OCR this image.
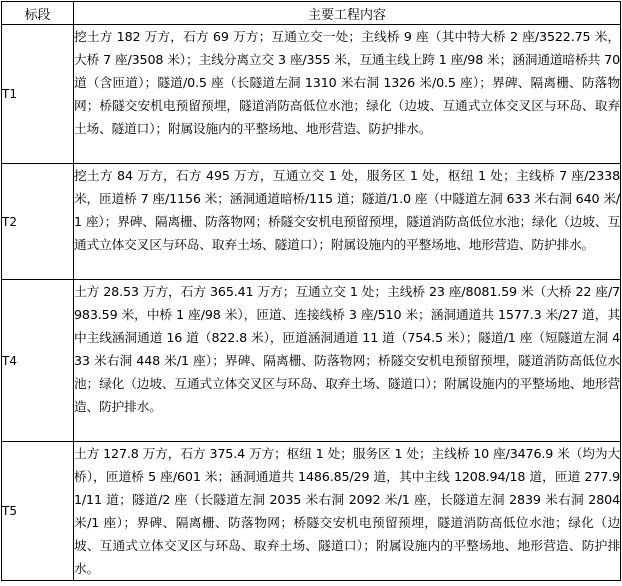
标段	主要工程内容
T1	挖土方 182 万方，石方 69 万方；互通立交一处；主线桥 9 座（其中特大桥 2 座/3522.75 米，大桥 7 座/3508 米）；主线分离立交 3 座/355 米，互通主线上跨 1 座/98 米；涵洞通道暗桥共 70 道（含匝道）；隧道/0.5 座（长隧道左洞 1310 米右洞 1326 米/0.5 座）；界碑、隔离栅、防落物网；桥隧交安机电预留预埋，隧道消防高低位水池；绿化（边坡、互通式立体交叉区与环岛、取弃土场、隧道口）；附属设施内的平整场地、地形营造、防护排水。
T2	挖土方 84 万方，石方 495 万方，互通立交 1 处，服务区 1 处，枢纽 1 处；主线桥 7 座/2338 米，匝道桥 7 座/1156 米；涵洞通道暗桥/115 道；隧道/1.0 座（中隧道左洞 633 米右洞 640 米/1 座）；界碑、隔离栅、防落物网；桥隧交安机电预留预埋，隧道消防高低位水池；绿化（边坡、互通式立体交叉区与环岛、取弃土场、隧道口）；附属设施内的平整场地、地形营造、防护排水。
T4	土方 28.53 万方，石方 365.41 万方；互通立交 1 处；主线桥 23 座/8081.59 米（大桥 22 座/7983.59 米，中桥 1 座/98 米），匝道、连接线桥 3 座/510 米；涵洞通道共 1577.3 米/27 道，其中主线涵洞通道 16 道（822.8 米），匝道涵洞通道 11 道（754.5 米）；隧道/1 座（短隧道左洞 433 米右洞 448 米/1 座）；界碑、隔离栅、防落物网；桥隧交安机电预留预埋，隧道消防高低位水池；绿化（边坡、互通式立体交叉区与环岛、取弃土场、隧道口）；附属设施内的平整场地、地形营造、防护排水。
T5	土方 127.8 万方，石方 375.4 万方；枢纽 1 处；服务区 1 处；主线桥 10 座/3476.9 米（均为大桥），匝道桥 5 座/601 米；涵洞通道共 1486.85/29 道，其中主线 1208.94/18 道，匝道 277.91/11 道；隧道/2 座（长隧道左洞 2035 米右洞 2092 米/1 座，长隧道左洞 2839 米右洞 2804 米/1 座）；界碑、隔离栅、防落物网；桥隧交安机电预留预埋，隧道消防高低位水池；绿化（边坡、互通式立体交叉区与环岛、取弃土场、隧道口）；附属设施内的平整场地、地形营造、防护排水。
